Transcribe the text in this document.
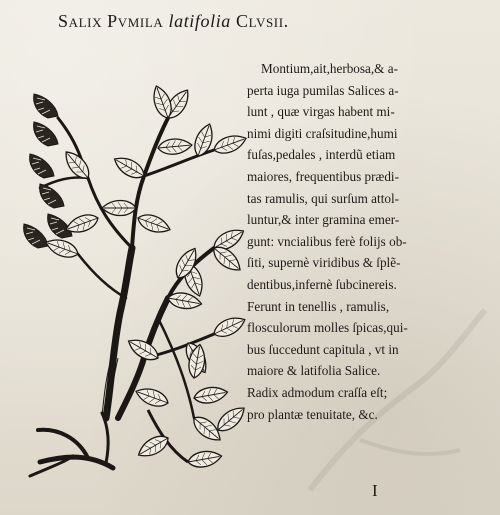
Salix Pvmila latifolia Clvsii.
Montium,ait,herbosa,& a-
perta iuga pumilas Salices a-
lunt , quæ virgas habent mi-
nimi digiti craſsitudine,humi
fuſas,pedales , interdũ etiam
maiores, frequentibus prædi-
tas ramulis, qui surſum attol-
luntur,& inter gramina emer-
gunt: vncialibus ferè folijs ob-
ſiti, supernè viridibus & ſplẽ-
dentibus,infernè ſubcinereis.
Ferunt in tenellis , ramulis,
flosculorum molles ſpicas,qui-
bus ſuccedunt capitula , vt in
maiore & latifolia Salice.
Radix admodum craſſa eſt;
pro plantæ tenuitate, &c.
I
